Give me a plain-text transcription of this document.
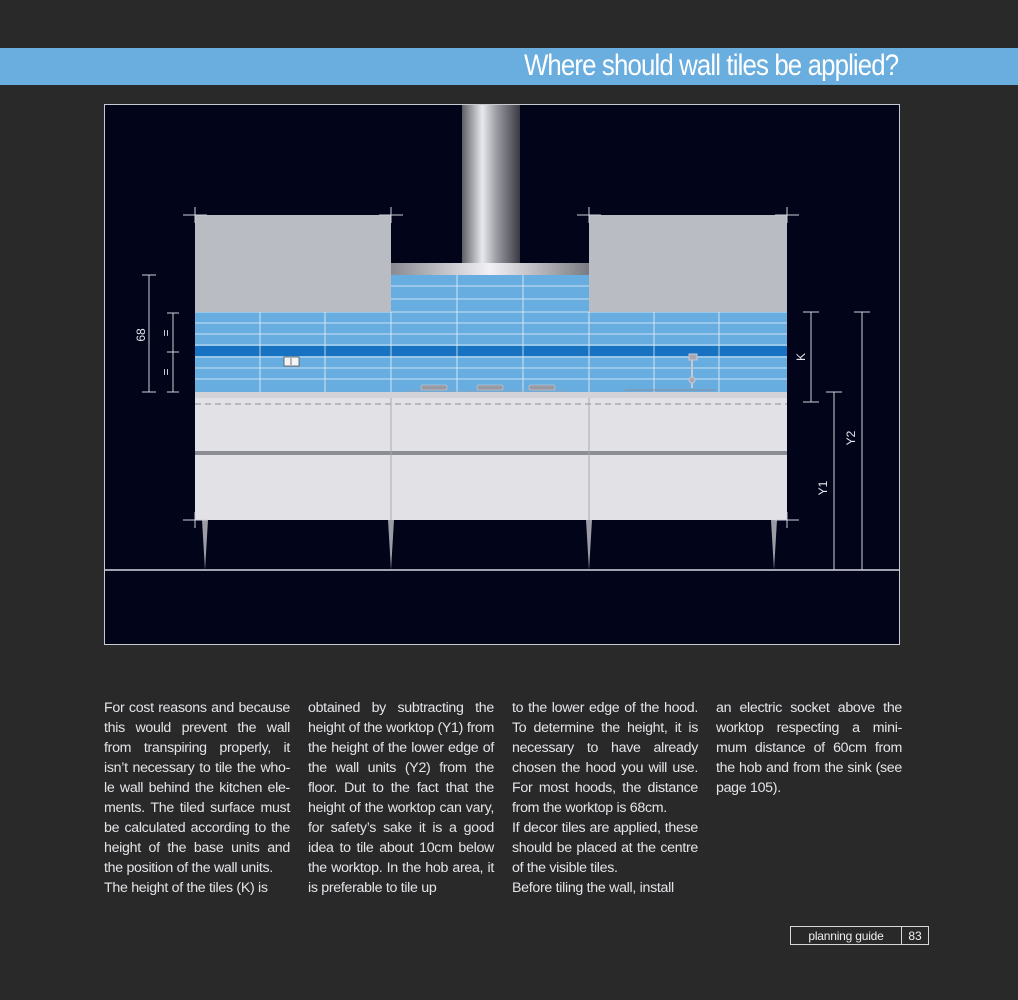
Where should wall tiles be applied?
68 =
=
K
Y1
Y2

For cost reasons and because this would prevent the wall from transpiring properly, it isn’t necessary to tile the who-le wall behind the kitchen ele-ments. The tiled surface must be calculated according to the height of the base units and the position of the wall units.

The height of the tiles (K) is

obtained by subtracting the height of the worktop (Y1) from the height of the lower edge of the wall units (Y2) from the floor. Dut to the fact that the height of the worktop can vary, for safety’s sake it is a good idea to tile about 10cm below the worktop. In the hob area, it is preferable to tile up

to the lower edge of the hood. To determine the height, it is necessary to have already chosen the hood you will use. For most hoods, the distance from the worktop is 68cm.

If decor tiles are applied, these should be placed at the centre of the visible tiles.

Before tiling the wall, install

an electric socket above the worktop respecting a mini-mum distance of 60cm from the hob and from the sink (see page 105).

planning guide	83
